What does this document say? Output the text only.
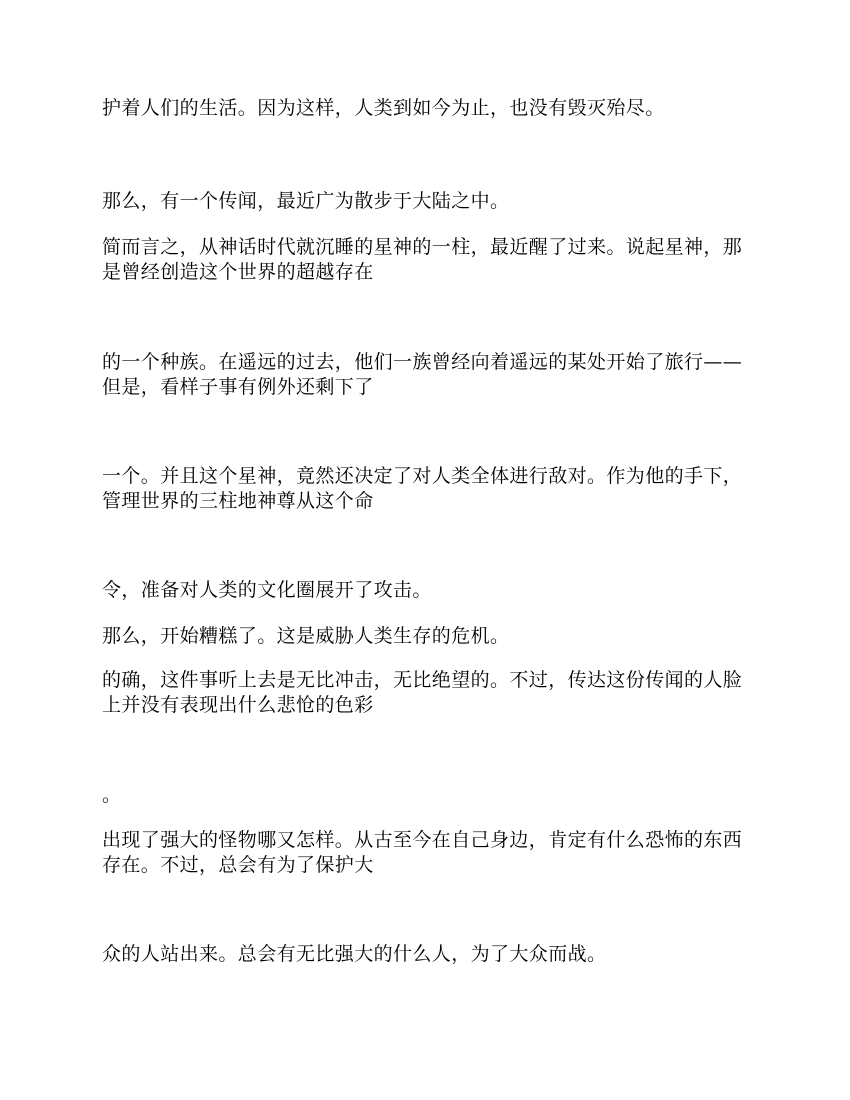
护着人们的生活。因为这样，人类到如今为止，也没有毁灭殆尽。

那么，有一个传闻，最近广为散步于大陆之中。

简而言之，从神话时代就沉睡的星神的一柱，最近醒了过来。说起星神，那是曾经创造这个世界的超越存在

的一个种族。在遥远的过去，他们一族曾经向着遥远的某处开始了旅行——但是，看样子事有例外还剩下了

一个。并且这个星神，竟然还决定了对人类全体进行敌对。作为他的手下，管理世界的三柱地神尊从这个命

令，准备对人类的文化圈展开了攻击。

那么，开始糟糕了。这是威胁人类生存的危机。

的确，这件事听上去是无比冲击，无比绝望的。不过，传达这份传闻的人脸上并没有表现出什么悲怆的色彩

。

出现了强大的怪物哪又怎样。从古至今在自己身边，肯定有什么恐怖的东西存在。不过，总会有为了保护大

众的人站出来。总会有无比强大的什么人，为了大众而战。
